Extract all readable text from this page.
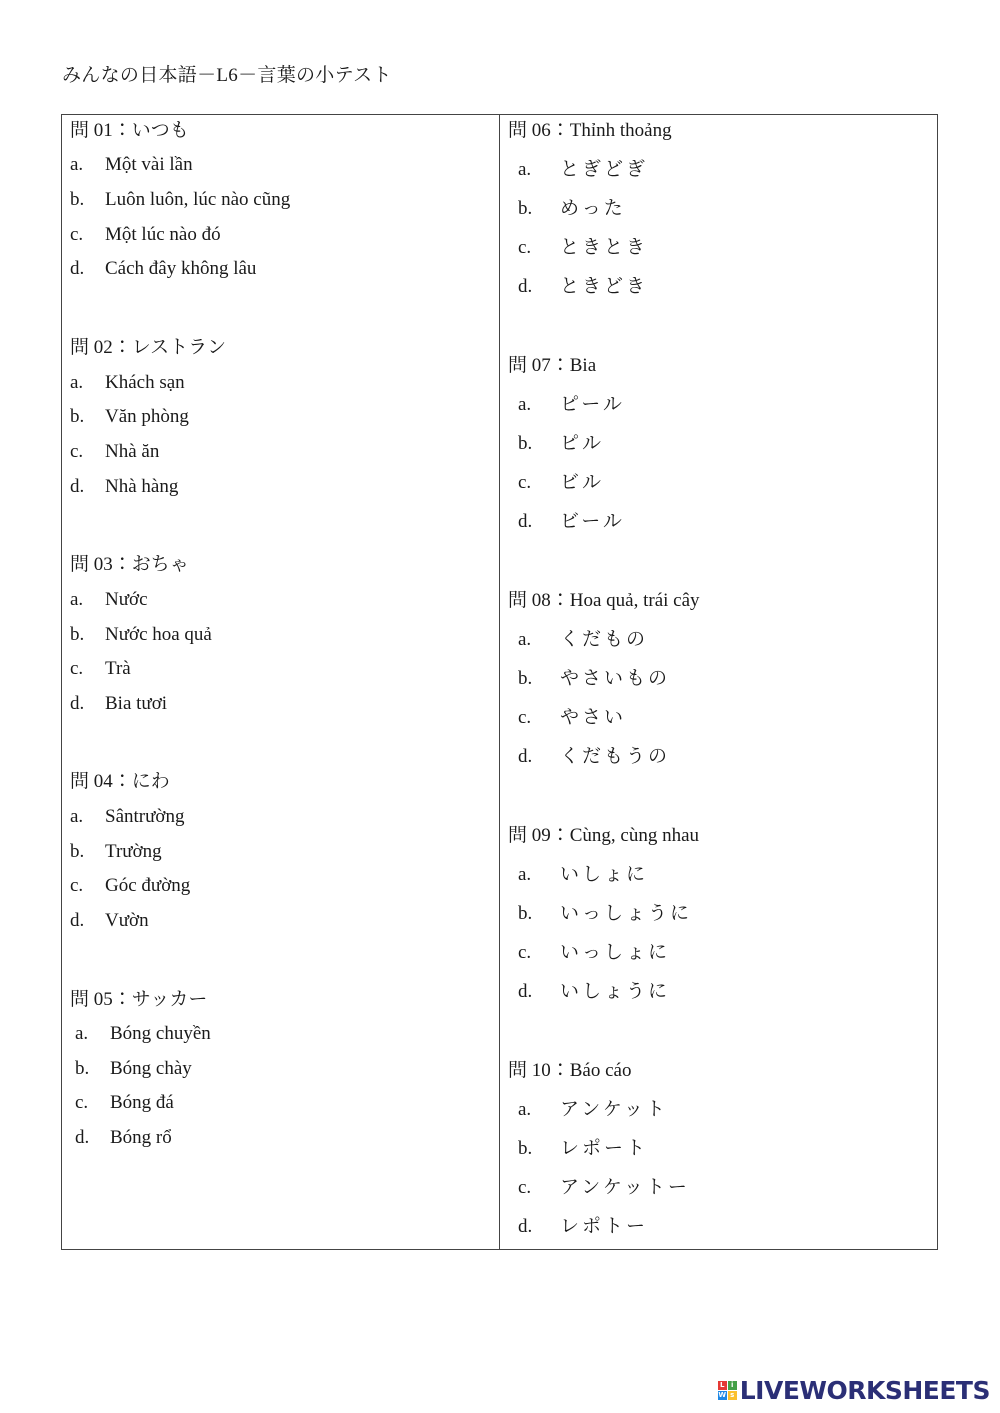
みんなの日本語－L6－言葉の小テスト
問 01∶いつも
a. Một vài lần
b. Luôn luôn, lúc nào cũng
c. Một lúc nào đó
d. Cách đây không lâu
問 02∶レストラン
a. Khách sạn
b. Văn phòng
c. Nhà ăn
d. Nhà hàng
問 03∶おちゃ
a. Nước
b. Nước hoa quả
c. Trà
d. Bia tươi
問 04∶にわ
a. Sântrường
b. Trường
c. Góc đường
d. Vườn
問 05∶サッカー
a. Bóng chuyền
b. Bóng chày
c. Bóng đá
d. Bóng rổ
問 06∶Thỉnh thoảng
a. とぎどぎ
b. めった
c. ときとき
d. ときどき
問 07∶Bia
a. ピール
b. ピル
c. ビル
d. ビール
問 08∶Hoa quả, trái cây
a. くだもの
b. やさいもの
c. やさい
d. くだもうの
問 09∶Cùng, cùng nhau
a. いしょに
b. いっしょうに
c. いっしょに
d. いしょうに
問 10∶Báo cáo
a. アンケット
b. レポート
c. アンケットー
d. レポトー
L i
W s LIVEWORKSHEETS
